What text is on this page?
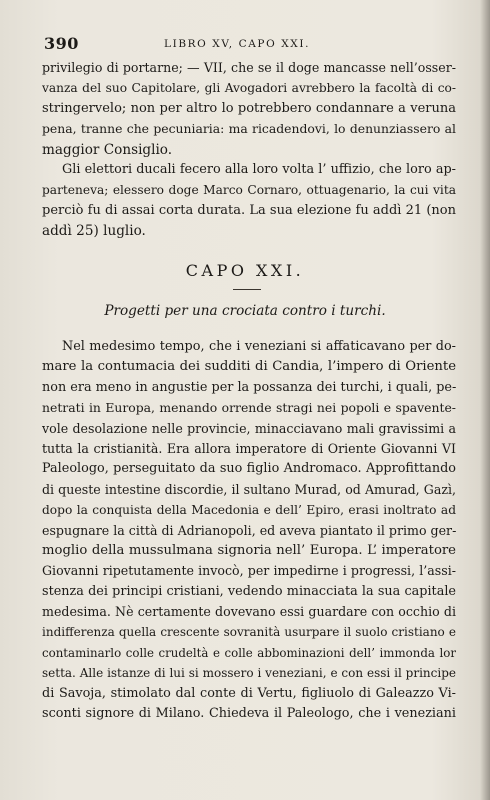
390	LIBRO XV, CAPO XXI.
privilegio di portarne; — VII, che se il doge mancasse nell’osser-
vanza del suo Capitolare, gli Avogadori avrebbero la facoltà di co-
stringervelo; non per altro lo potrebbero condannare a veruna
pena, tranne che pecuniaria: ma ricadendovi, lo denunziassero al
maggior Consiglio.
Gli elettori ducali fecero alla loro volta l’ uffizio, che loro ap-
parteneva; elessero doge Marco Cornaro, ottuagenario, la cui vita
perciò fu di assai corta durata. La sua elezione fu addì 21 (non
addì 25) luglio.
CAPO XXI.
Progetti per una crociata contro i turchi.
Nel medesimo tempo, che i veneziani si affaticavano per do-
mare la contumacia dei sudditi di Candia, l’impero di Oriente
non era meno in angustie per la possanza dei turchi, i quali, pe-
netrati in Europa, menando orrende stragi nei popoli e spavente-
vole desolazione nelle provincie, minacciavano mali gravissimi a
tutta la cristianità. Era allora imperatore di Oriente Giovanni VI
Paleologo, perseguitato da suo figlio Andromaco. Approfittando
di queste intestine discordie, il sultano Murad, od Amurad, Gazì,
dopo la conquista della Macedonia e dell’ Epiro, erasi inoltrato ad
espugnare la città di Adrianopoli, ed aveva piantato il primo ger-
moglio della mussulmana signoria nell’ Europa. L’ imperatore
Giovanni ripetutamente invocò, per impedirne i progressi, l’assi-
stenza dei principi cristiani, vedendo minacciata la sua capitale
medesima. Nè certamente dovevano essi guardare con occhio di
indifferenza quella crescente sovranità usurpare il suolo cristiano e
contaminarlo colle crudeltà e colle abbominazioni dell’ immonda lor
setta. Alle istanze di lui si mossero i veneziani, e con essi il principe
di Savoja, stimolato dal conte di Vertu, figliuolo di Galeazzo Vi-
sconti signore di Milano. Chiedeva il Paleologo, che i veneziani
